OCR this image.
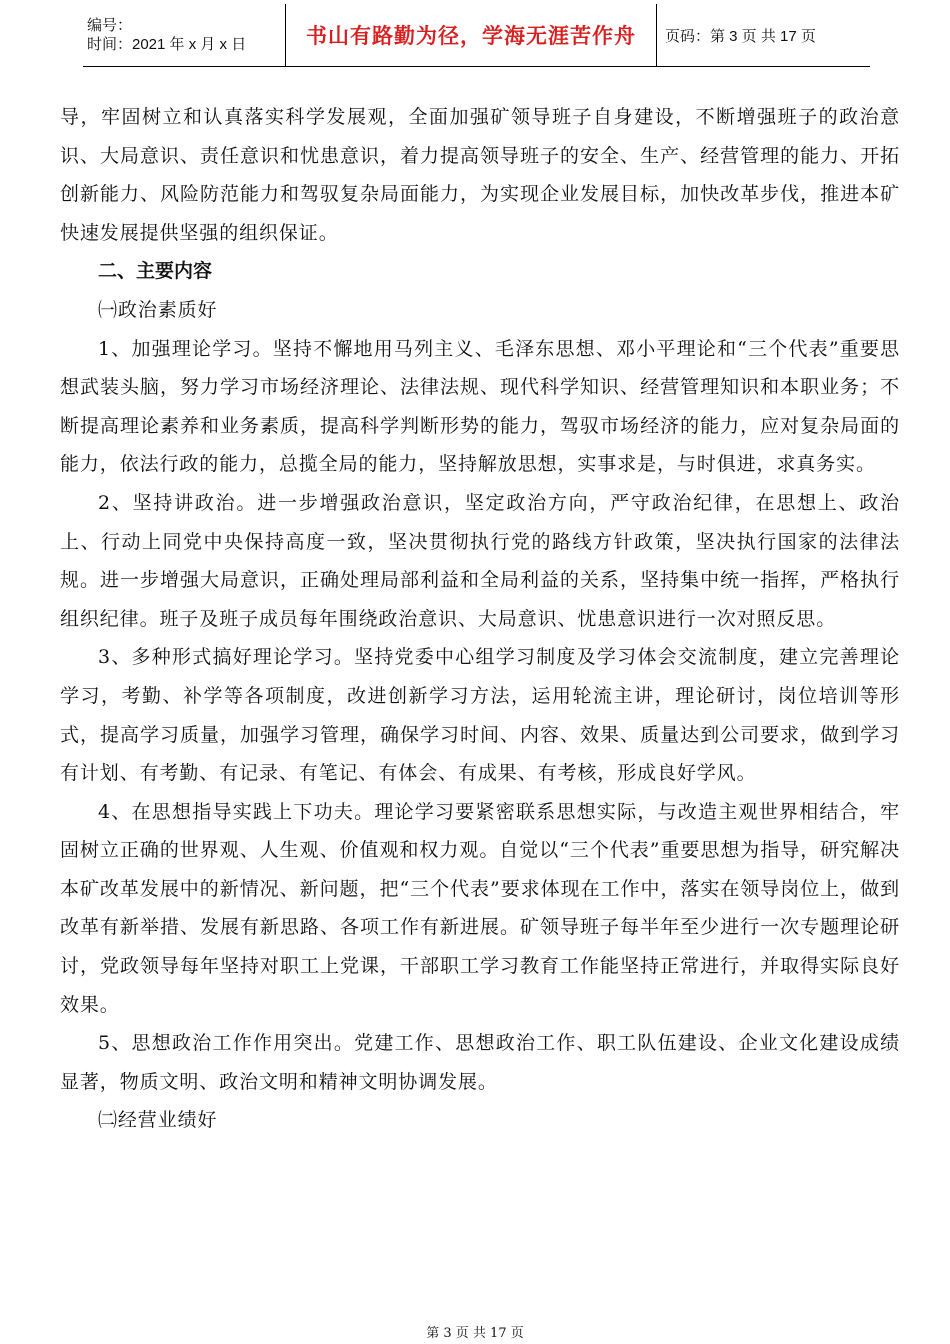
编号：
时间：2021 年 x 月 x 日	书山有路勤为径，学海无涯苦作舟 页码：第 3 页 共 17 页

导，牢固树立和认真落实科学发展观，全面加强矿领导班子自身建设，不断增强班子的政治意识、大局意识、责任意识和忧患意识，着力提高领导班子的安全、生产、经营管理的能力、开拓创新能力、风险防范能力和驾驭复杂局面能力，为实现企业发展目标，加快改革步伐，推进本矿快速发展提供坚强的组织保证。

二、主要内容

㈠政治素质好

1、加强理论学习。坚持不懈地用马列主义、毛泽东思想、邓小平理论和“三个代表”重要思想武装头脑，努力学习市场经济理论、法律法规、现代科学知识、经营管理知识和本职业务；不断提高理论素养和业务素质，提高科学判断形势的能力，驾驭市场经济的能力，应对复杂局面的能力，依法行政的能力，总揽全局的能力，坚持解放思想，实事求是，与时俱进，求真务实。

2、坚持讲政治。进一步增强政治意识，坚定政治方向，严守政治纪律，在思想上、政治上、行动上同党中央保持高度一致，坚决贯彻执行党的路线方针政策，坚决执行国家的法律法规。进一步增强大局意识，正确处理局部利益和全局利益的关系，坚持集中统一指挥，严格执行组织纪律。班子及班子成员每年围绕政治意识、大局意识、忧患意识进行一次对照反思。

3、多种形式搞好理论学习。坚持党委中心组学习制度及学习体会交流制度，建立完善理论学习，考勤、补学等各项制度，改进创新学习方法，运用轮流主讲，理论研讨，岗位培训等形式，提高学习质量，加强学习管理，确保学习时间、内容、效果、质量达到公司要求，做到学习有计划、有考勤、有记录、有笔记、有体会、有成果、有考核，形成良好学风。

4、在思想指导实践上下功夫。理论学习要紧密联系思想实际，与改造主观世界相结合，牢固树立正确的世界观、人生观、价值观和权力观。自觉以“三个代表”重要思想为指导，研究解决本矿改革发展中的新情况、新问题，把“三个代表”要求体现在工作中，落实在领导岗位上，做到改革有新举措、发展有新思路、各项工作有新进展。矿领导班子每半年至少进行一次专题理论研讨，党政领导每年坚持对职工上党课，干部职工学习教育工作能坚持正常进行，并取得实际良好效果。

5、思想政治工作作用突出。党建工作、思想政治工作、职工队伍建设、企业文化建设成绩显著，物质文明、政治文明和精神文明协调发展。

㈡经营业绩好

第 3 页 共 17 页
